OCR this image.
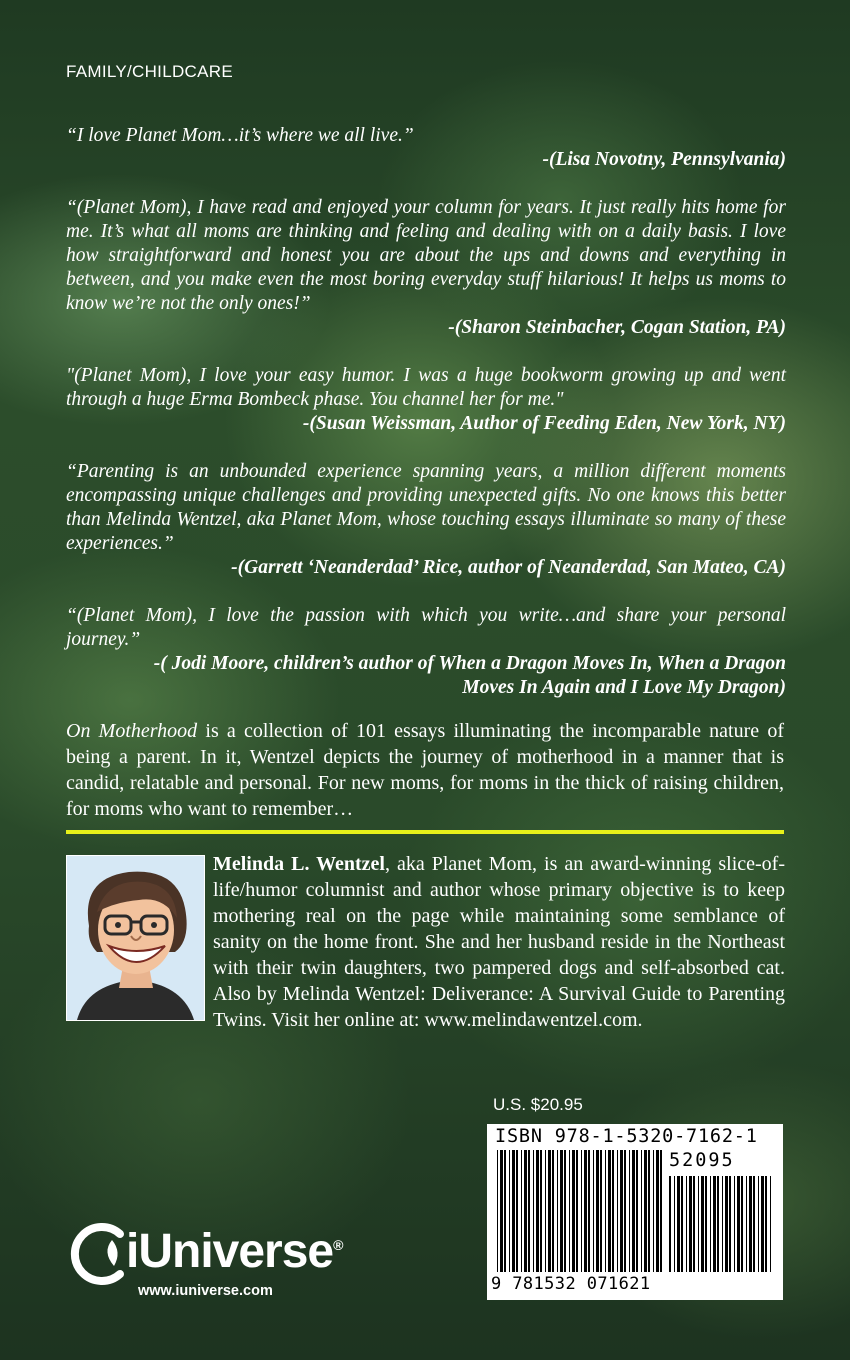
FAMILY/CHILDCARE

“I love Planet Mom…it’s where we all live.”

-(Lisa Novotny, Pennsylvania)

“(Planet Mom), I have read and enjoyed your column for years. It just really hits home for me. It’s what all moms are thinking and feeling and dealing with on a daily basis. I love how straightforward and honest you are about the ups and downs and everything in between, and you make even the most boring everyday stuff hilarious! It helps us moms to know we’re not the only ones!”

-(Sharon Steinbacher, Cogan Station, PA)

"(Planet Mom), I love your easy humor. I was a huge bookworm growing up and went through a huge Erma Bombeck phase. You channel her for me."

-(Susan Weissman, Author of Feeding Eden, New York, NY)

“Parenting is an unbounded experience spanning years, a million different moments encompassing unique challenges and providing unexpected gifts. No one knows this better than Melinda Wentzel, aka Planet Mom, whose touching essays illuminate so many of these experiences.”

-(Garrett ‘Neanderdad’ Rice, author of Neanderdad, San Mateo, CA)

“(Planet Mom), I love the passion with which you write…and share your personal journey.”

-( Jodi Moore, children’s author of When a Dragon Moves In, When a Dragon
Moves In Again and I Love My Dragon)

On Motherhood is a collection of 101 essays illuminating the incomparable nature of being a parent. In it, Wentzel depicts the journey of motherhood in a manner that is candid, relatable and personal. For new moms, for moms in the thick of raising children, for moms who want to remember…

Melinda L. Wentzel, aka Planet Mom, is an award-winning slice-of-life/humor columnist and author whose primary objective is to keep mothering real on the page while maintaining some semblance of sanity on the home front. She and her husband reside in the Northeast with their twin daughters, two pampered dogs and self-absorbed cat. Also by Melinda Wentzel: Deliverance: A Survival Guide to Parenting Twins. Visit her online at: www.melindawentzel.com.

U.S. $20.95
ISBN 978-1-5320-7162-1
52095
9 781532 071621
iUniverse®
www.iuniverse.com
